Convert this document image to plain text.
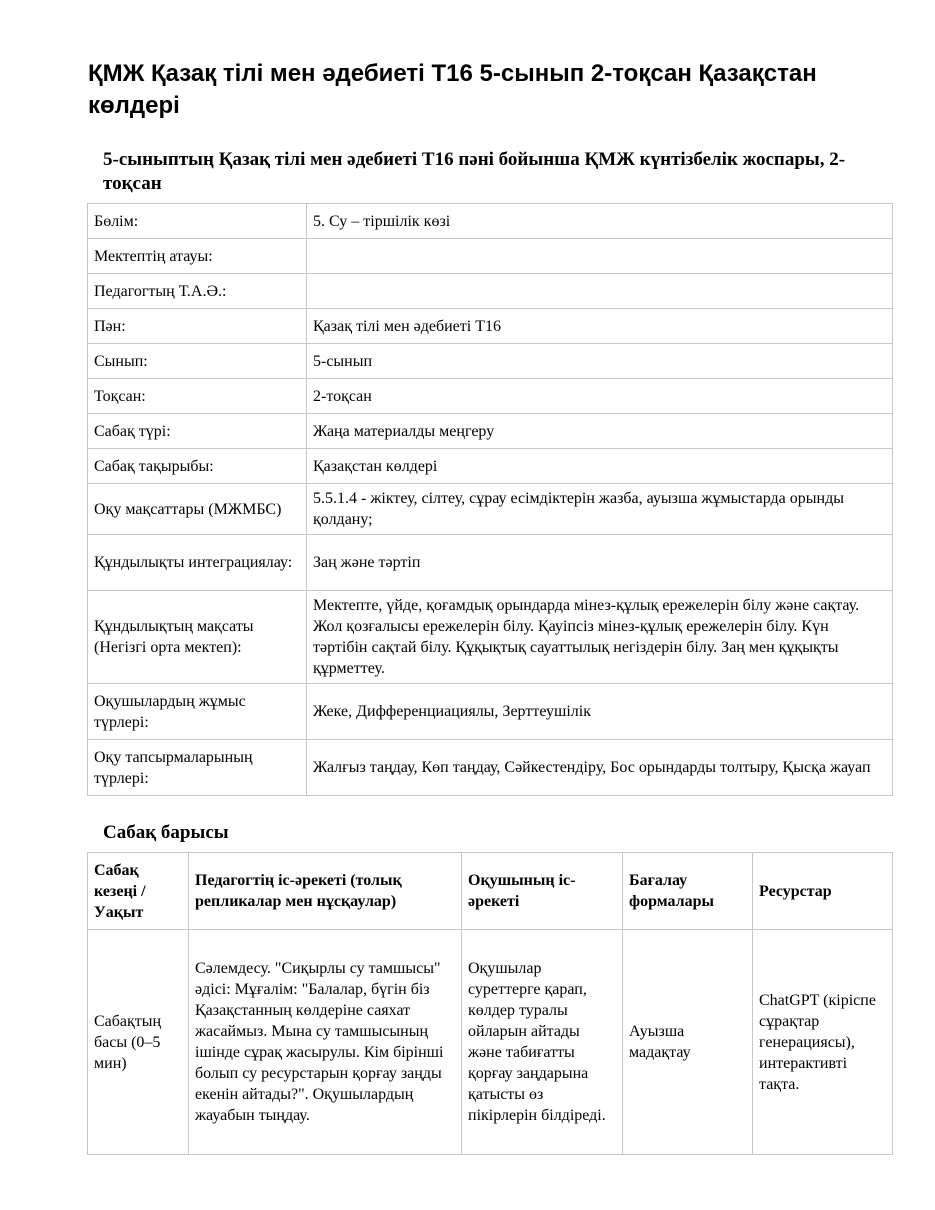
ҚМЖ Қазақ тілі мен әдебиеті Т16 5-сынып 2-тоқсан Қазақстан көлдері
5-сыныптың Қазақ тілі мен әдебиеті Т16 пәні бойынша ҚМЖ күнтізбелік жоспары, 2-тоқсан
Бөлім:	5. Су – тіршілік көзі
Мектептің атауы:	
Педагогтың Т.А.Ә.:	
Пән:	Қазақ тілі мен әдебиеті Т16
Сынып:	5-сынып
Тоқсан:	2-тоқсан
Сабақ түрі:	Жаңа материалды меңгеру
Сабақ тақырыбы:	Қазақстан көлдері
Оқу мақсаттары (МЖМБС)	5.5.1.4 - жіктеу, сілтеу, сұрау есімдіктерін жазба, ауызша жұмыстарда орынды қолдану;
Құндылықты интеграциялау:	Заң және тәртіп
Құндылықтың мақсаты (Негізгі орта мектеп):	Мектепте, үйде, қоғамдық орындарда мінез-құлық ережелерін білу және сақтау. Жол қозғалысы ережелерін білу. Қауіпсіз мінез-құлық ережелерін білу. Күн тәртібін сақтай білу. Құқықтық сауаттылық негіздерін білу. Заң мен құқықты құрметтеу.
Оқушылардың жұмыс түрлері:	Жеке, Дифференциациялы, Зерттеушілік
Оқу тапсырмаларының түрлері:	Жалғыз таңдау, Көп таңдау, Сәйкестендіру, Бос орындарды толтыру, Қысқа жауап
Сабақ барысы
Сабақ кезеңі / Уақыт	Педагогтің іс-әрекеті (толық репликалар мен нұсқаулар)	Оқушының іс-әрекеті	Бағалау формалары	Ресурстар
Сабақтың басы (0–5 мин)	Сәлемдесу. "Сиқырлы су тамшысы" әдісі: Мұғалім: "Балалар, бүгін біз Қазақстанның көлдеріне саяхат жасаймыз. Мына су тамшысының ішінде сұрақ жасырулы. Кім бірінші болып су ресурстарын қорғау заңды екенін айтады?". Оқушылардың жауабын тыңдау.	Оқушылар суреттерге қарап, көлдер туралы ойларын айтады және табиғатты қорғау заңдарына қатысты өз пікірлерін білдіреді.	Ауызша мадақтау	ChatGPT (кіріспе сұрақтар генерациясы), интерактивті тақта.
